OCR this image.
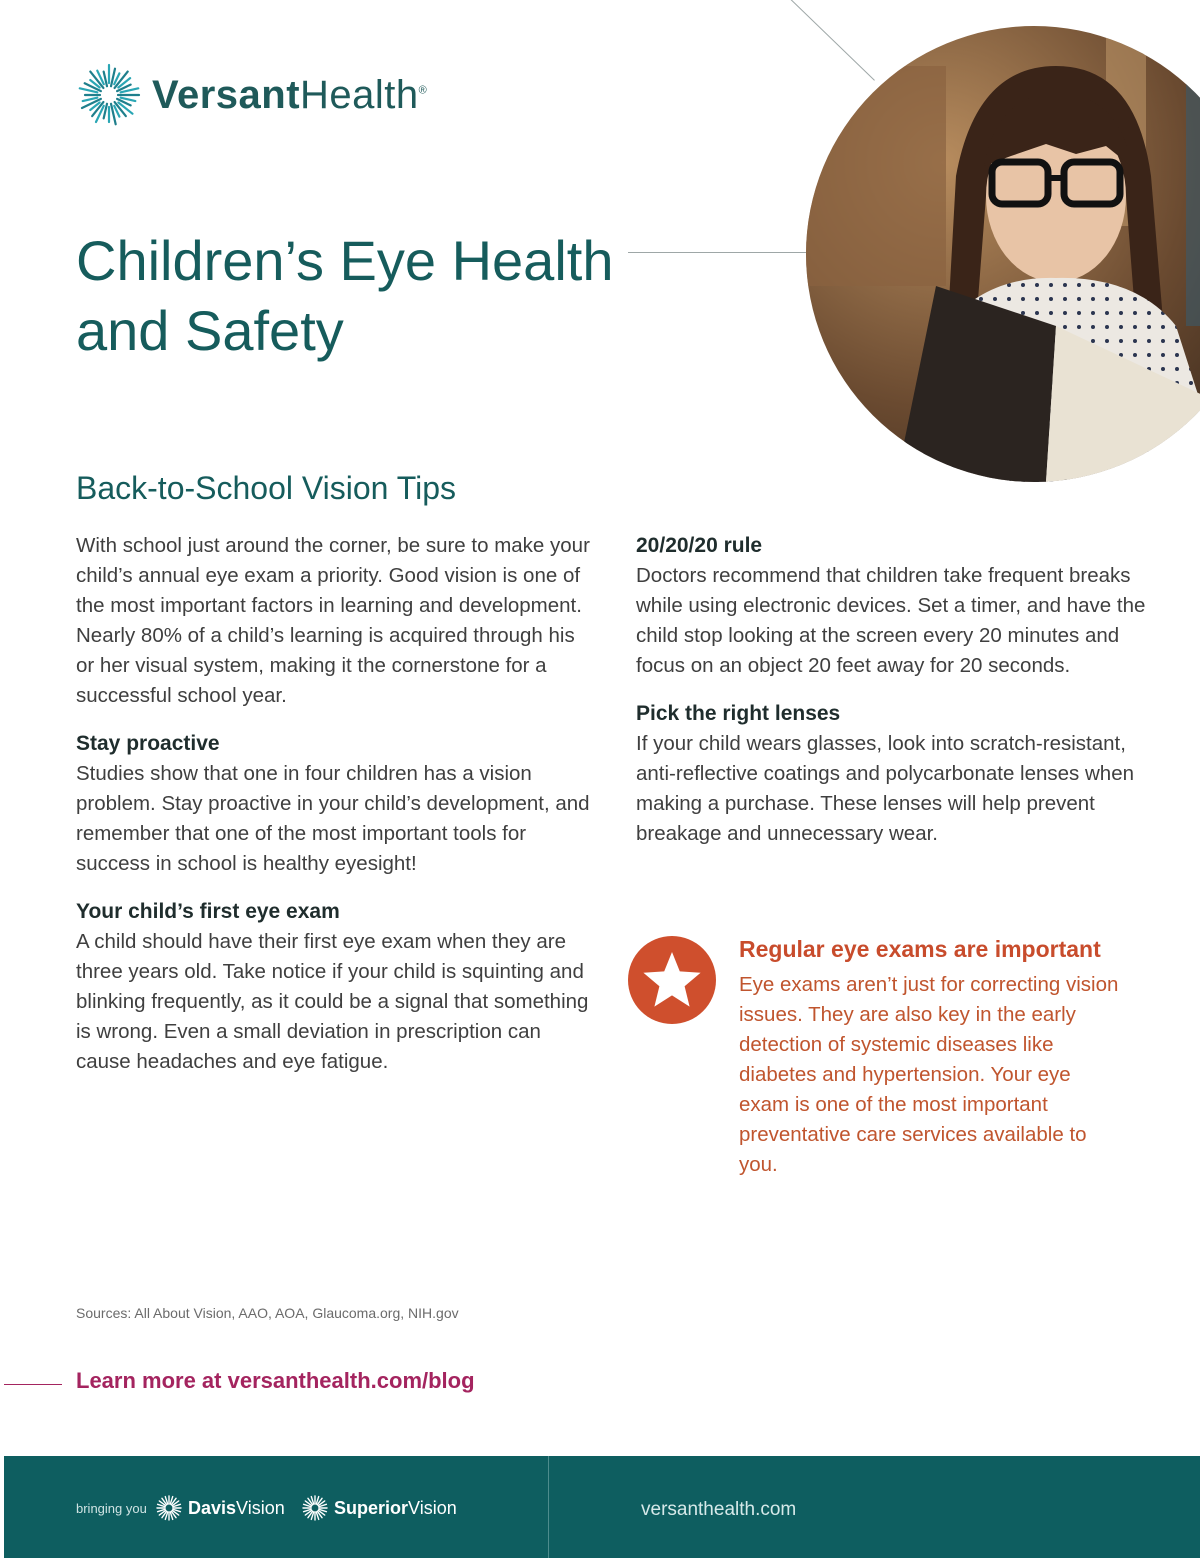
VersantHealth®
Children’s Eye Health
and Safety
Back-to-School Vision Tips

With school just around the corner, be sure to make your child’s annual eye exam a priority. Good vision is one of the most important factors in learning and development. Nearly 80% of a child’s learning is acquired through his or her visual system, making it the cornerstone for a successful school year.

Stay proactive

Studies show that one in four children has a vision problem. Stay proactive in your child’s development, and remember that one of the most important tools for success in school is healthy eyesight!

Your child’s first eye exam

A child should have their first eye exam when they are three years old. Take notice if your child is squinting and blinking frequently, as it could be a signal that something is wrong. Even a small deviation in prescription can cause headaches and eye fatigue.

20/20/20 rule

Doctors recommend that children take frequent breaks while using electronic devices. Set a timer, and have the child stop looking at the screen every 20 minutes and focus on an object 20 feet away for 20 seconds.

Pick the right lenses

If your child wears glasses, look into scratch-resistant, anti-reflective coatings and polycarbonate lenses when making a purchase. These lenses will help prevent breakage and unnecessary wear.

Regular eye exams are important

Eye exams aren’t just for correcting vision issues. They are also key in the early detection of systemic diseases like diabetes and hypertension. Your eye exam is one of the most important preventative care services available to you.

Sources: All About Vision, AAO, AOA, Glaucoma.org, NIH.gov
Learn more at versanthealth.com/blog
bringing you Davis Vision	Superior Vision	versanthealth.com
